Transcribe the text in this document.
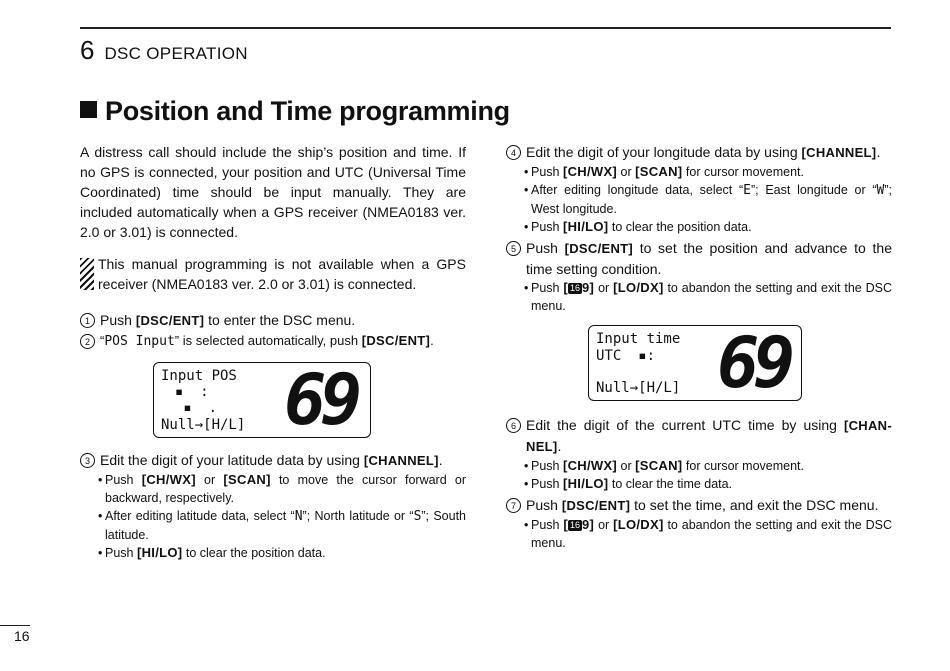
6 DSC OPERATION
Position and Time programming
A distress call should include the ship’s position and time. If no GPS is connected, your position and UTC (Universal Time Coordinated) time should be input manually. They are included automatically when a GPS receiver (NMEA0183 ver. 2.0 or 3.01) is connected.
This manual programming is not available when a GPS receiver (NMEA0183 ver. 2.0 or 3.01) is connected.
1 Push [DSC/ENT] to enter the DSC menu.
2 “POS Input” is selected automatically, push [DSC/ENT].
Input POS
▪  :
▪  .
Null→[H/L] 69
3 Edit the digit of your latitude data by using [CHANNEL].
• Push [CH/WX] or [SCAN] to move the cursor forward or backward, respectively.
• After editing latitude data, select “N”; North latitude or “S”; South latitude.
• Push [HI/LO] to clear the position data.
4 Edit the digit of your longitude data by using [CHANNEL].
• Push [CH/WX] or [SCAN] for cursor movement.
• After editing longitude data, select “E”; East longitude or “W”; West longitude.
• Push [HI/LO] to clear the position data.
5 Push [DSC/ENT] to set the position and advance to the time setting condition.
• Push [ 16 9] or [LO/DX] to abandon the setting and exit the DSC menu.
Input time
UTC  ▪:
Null→[H/L] 69
6 Edit the digit of the current UTC time by using [CHAN-NEL].
• Push [CH/WX] or [SCAN] for cursor movement.
• Push [HI/LO] to clear the time data.
7 Push [DSC/ENT] to set the time, and exit the DSC menu.
• Push [ 16 9] or [LO/DX] to abandon the setting and exit the DSC menu.
16
